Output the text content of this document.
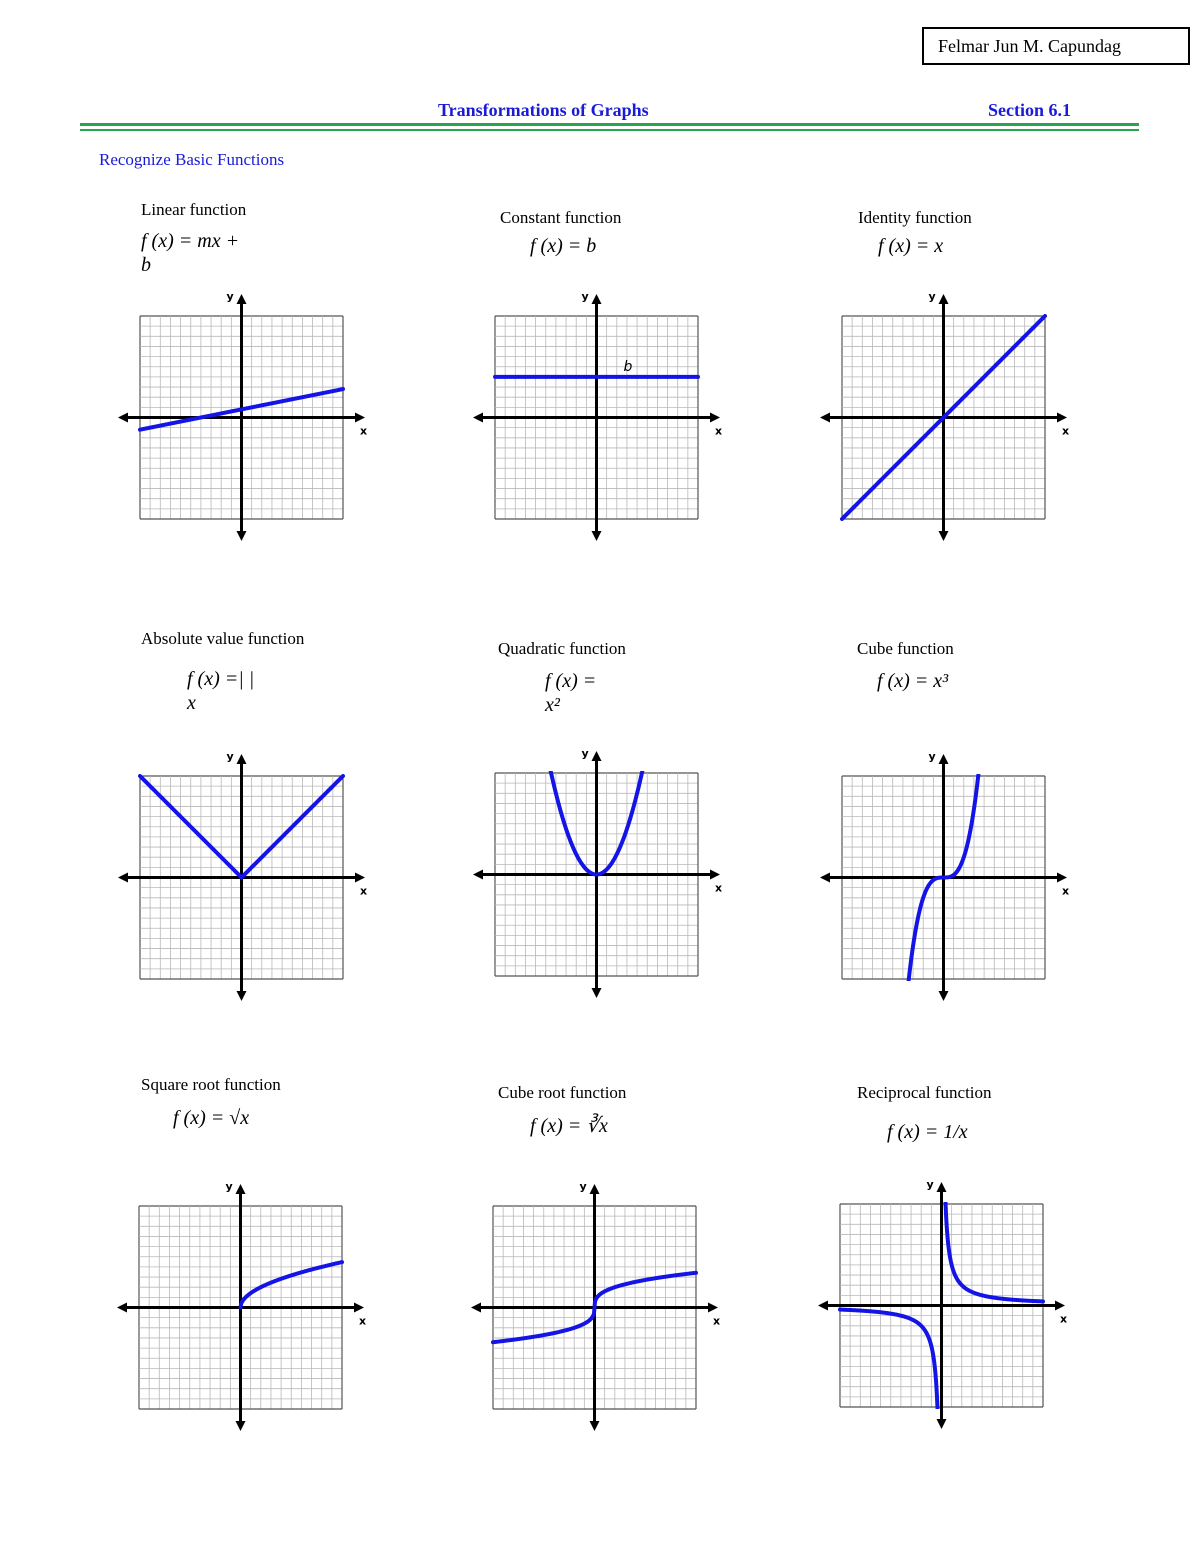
Felmar Jun M. Capundag
Transformations of Graphs	Section 6.1
Recognize Basic Functions
Linear function
f (x) = mx +
b
Constant function
f (x) = b
Identity function
f (x) = x
Absolute value function
f (x) =| |
x
Quadratic function
f (x) =
x²
Cube function
f (x) = x³
Square root function
f (x) = √x
Cube root function
f (x) = ∛x
Reciprocal function
f (x) = 1/x
x
y
x
y
b
x
y
x
y
x
y
x
y
x
y
x
y
x
y
